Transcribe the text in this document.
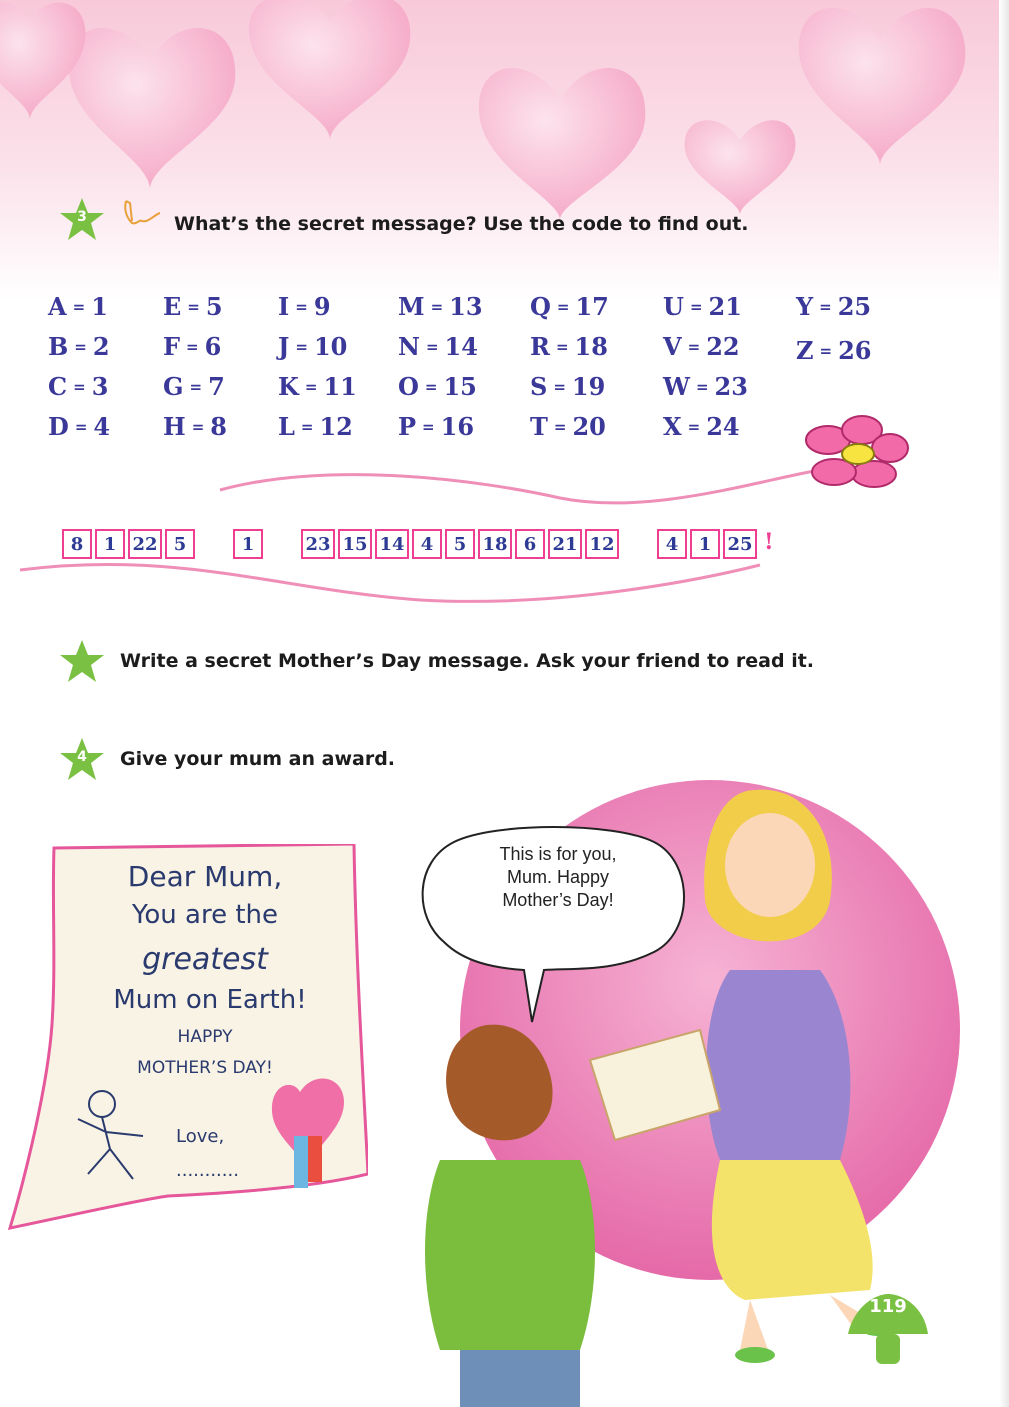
3	What’s the secret message? Use the code to find out.
A = 1
B = 2
C = 3
D = 4
E = 5
F = 6
G = 7
H = 8
I = 9
J = 10
K = 11
L = 12
M = 13
N = 14
O = 15
P = 16
Q = 17
R = 18
S = 19
T = 20
U = 21
V = 22
W = 23
X = 24
Y = 25
Z = 26
8	1 22 5	1	23 15 14 4	5 18 6 21 12	4	1 25 !
Write a secret Mother’s Day message. Ask your friend to read it.
4	Give your mum an award.
Dear Mum,
You are the
greatest
Mum on Earth!
HAPPY
MOTHER’S DAY!
Love,
...........
This is for you,
Mum. Happy
Mother’s Day!
119
